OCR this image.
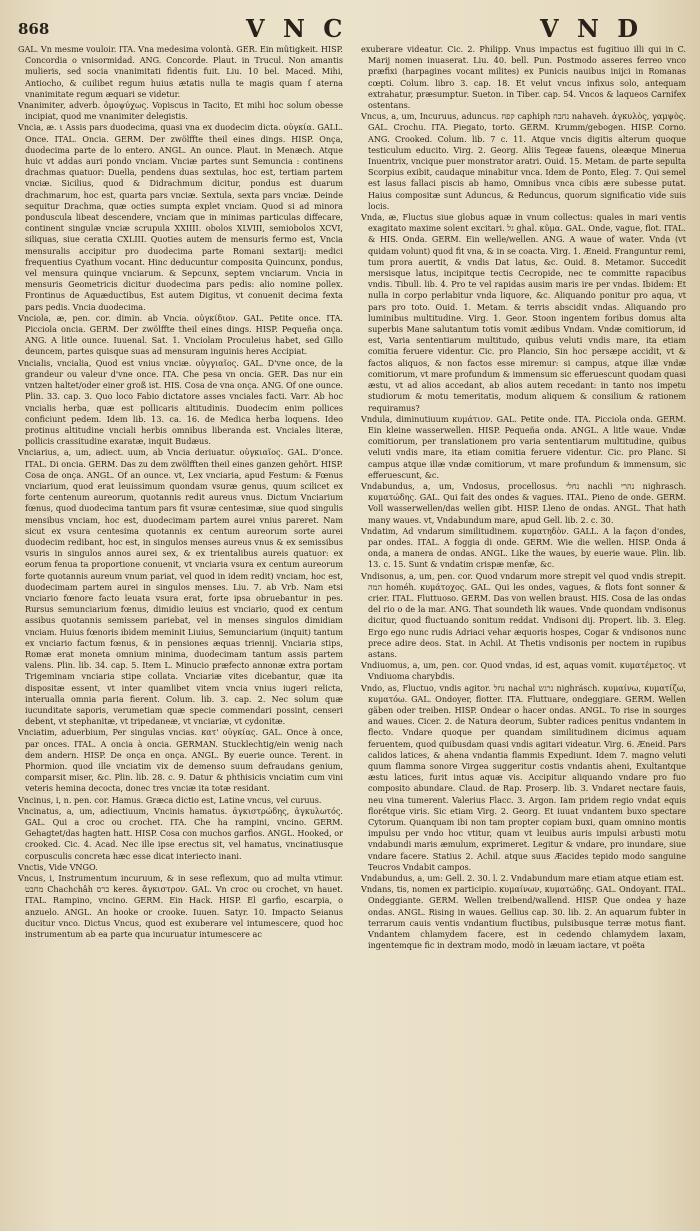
868	V N C	V N D

GAL. Vn mesme vouloir. ITA. Vna medesima volontà. GER. Ein mütigkeit. HISP. Concordia o vnisormidad. ANG. Concorde. Plaut. in Trucul. Non amantis mulieris, sed socia vnanimitati fidentis fuit. Liu. 10 bel. Maced. Mihi, Antiocho, & cuilibet regum huius ætatis nulla te magis quam ſ aterna vnanimitate regum æquari se videtur.

Vnanimiter, adverb. ὁμοψύχως. Vopiscus in Tacito, Et mihi hoc solum obesse incipiat, quod me vnanimiter delegistis.

Vncia, æ. ι Assis pars duodecima, quasi vna ex duodecim dicta. οὐγκία. GALL. Once. ITAL. Oncia. GERM. Der zwölffte theil eines dings. HISP. Onça, duodecima parte de lo entero. ANGL. An ounce. Plaut. in Menæch. Atque huic vt addas auri pondo vnciam. Vnciæ partes sunt Semuncia : continens drachmas quatuor: Duella, pendens duas sextulas, hoc est, tertiam partem vnciæ. Sicilius, quod & Didrachmum dicitur, pondus est duarum drachmarum, hoc est, quarta pars vnciæ. Sextula, sexta pars vnciæ. Deinde sequitur Drachma, quæ octies sumpta explet vnciam. Quod si ad minora ponduscula libeat descendere, vnciam que in minimas particulas diffecare, continent singulæ vnciæ scrupula XXIIII. obolos XLVIII, semiobolos XCVI, siliquas, siue ceratia CXLIII. Quoties autem de mensuris fermo est, Vncia mensuralis accipitur pro duodecima parte Romani sextarij: medici frequentius Cyathum vocant. Hinc deducuntur composita Quincunx, pondus, vel mensura quinque vnciarum. & Sepcunx, septem vnciarum. Vncia in mensuris Geometricis dicitur duodecima pars pedis: alio nomine pollex. Frontinus de Aquæductibus, Est autem Digitus, vt conuenit decima fexta pars pedis. Vncia duodecima.

Vnciola, æ, pen. cor. dimin. ab Vncia. οὐγκίδιον. GAL. Petite once. ITA. Picciola oncia. GERM. Der zwölffte theil eines dings. HISP. Pequeña onça. ANG. A litle ounce. Iuuenal. Sat. 1. Vnciolam Proculeius habet, sed Gillo deuncem, partes quisque suas ad mensuram inguinis heres Accipiat.

Vncialis, vncialia, Quod est vnius vnciæ. οὐγγιαῖος. GAL. D'vne once, de la grandeur ou valeur d'vne once. ITA. Che pesa vn oncia. GER. Das nur ein vntzen haltet/oder einer groß ist. HIS. Cosa de vna onça. ANG. Of one ounce. Plin. 33. cap. 3. Quo loco Fabio dictatore asses vnciales facti. Varr. Ab hoc vncialis herba, quæ est pollicaris altitudinis. Duodecim enim pollices conficiunt pedem. Idem lib. 13. ca. 16. de Medica herba loquens. Ideo protinus altitudine vnciali herbis omnibus liberanda est. Vnciales literæ, pollicis crassitudine exaratæ, inquit Budæus.

Vnciarius, a, um, adiect. uum, ab Vncia deriuatur. οὐγκιαῖος. GAL. D'once. ITAL. Di oncia. GERM. Das zu dem zwölfften theil eines ganzen gehört. HISP. Cosa de onça. ANGL. Of an ounce. vt, Lex vnciaria, apud Festum: & Fœnus vnciarium, quod erat leuissimum quondam vsuræ genus, quum scilicet ex forte centenum aureorum, quotannis redit aureus vnus. Dictum Vnciarium fœnus, quod duodecima tantum pars fit vsuræ centesimæ, siue quod singulis mensibus vnciam, hoc est, duodecimam partem aurei vnius pareret. Nam sicut ex vsura centesima quotannis ex centum aureorum sorte aurei duodecim redibant, hoc est, in singulos menses aureus vnus & ex semissibus vsuris in singulos annos aurei sex, & ex trientalibus aureis quatuor: ex eorum fenua ta proportione conuenit, vt vnciaria vsura ex centum aureorum forte quotannis aureum vnum pariat, vel quod in idem redit) vnciam, hoc est, duodecimam partem aurei in singulos menses. Liu. 7. ab Vrb. Nam etsi vnciario fœnore facto leuata vsura erat, forte ipsa obruebantur in pes. Rursus semunciarium fœnus, dimidio leuius est vnciario, quod ex centum assibus quotannis semissem pariebat, vel in menses singulos dimidiam vnciam. Huius fœnoris ibidem meminit Liuius, Semunciarium (inquit) tantum ex vnciario factum fœnus, & in pensiones æquas triennij. Vnciaria stips, Romæ erat moneta omnium minima, duodecimam tantum assis partem valens. Plin. lib. 34. cap. 5. Item L. Minucio præfecto annonæ extra portam Trigeminam vnciaria stipe collata. Vnciariæ vites dicebantur, quæ ita dispositæ essent, vt inter quamlibet vitem vncia vnius iugeri relicta, interualla omnia paria fierent. Colum. lib. 3. cap. 2. Nec solum quæ iucunditate saporis, verumetiam quæ specie commendari possint, censeri debent, vt stephanitæ, vt tripedaneæ, vt vnciariæ, vt cydonitæ.

Vnciatim, aduerbium, Per singulas vncias. κατ' οὐγκίας. GAL. Once à once, par onces. ITAL. A oncia à oncia. GERMAN. Stucklechtig/ein wenig nach dem andern. HISP. De onça en onça. ANGL. By euerie ounce. Terent. in Phormion. quod ille vnciatim vix de demenso suum defraudans genium, comparsit miser, &c. Plin. lib. 28. c. 9. Datur & phthisicis vnciatim cum vini veteris hemina decocta, donec tres vnciæ ita totæ residant.

Vncinus, i, n. pen. cor. Hamus. Græca dictio est, Latine vncus, vel curuus.

Vncinatus, a, um, adiectiuum, Vncinis hamatus. ἀγκιστρώδης, ἀγκυλωτός. GAL. Qui a croc ou crochet. ITA. Che ha rampini, vncino. GERM. Gehagtet/das hagten hatt. HISP. Cosa con muchos garfios. ANGL. Hooked, or crooked. Cic. 4. Acad. Nec ille ipse erectus sit, vel hamatus, vncinatiusque corpusculis concreta hæc esse dicat interiecto inani.

Vnctis, Vide VNGO.

Vncus, i, Instrumentum incuruum, & in sese reflexum, quo ad multa vtimur. מחבט Chachchâh כרס keres. ἄγκιστρον. GAL. Vn croc ou crochet, vn hauet. ITAL. Rampino, vncino. GERM. Ein Hack. HISP. El garfio, escarpia, o anzuelo. ANGL. An hooke or crooke. Iuuen. Satyr. 10. Impacto Seianus ducitur vnco. Dictus Vncus, quod est exuberare vel intumescere, quod hoc instrumentum ab ea parte qua incuruatur intumescere ac

exuberare videatur. Cic. 2. Philipp. Vnus impactus est fugitiuo illi qui in C. Marij nomen inuaserat. Liu. 40. bell. Pun. Postmodo asseres ferreo vnco præfixi (harpagines vocant milites) ex Punicis nauibus inijci in Romanas cœpti. Colum. libro 3. cap. 18. Et velut vncus infixus solo, antequam extrahatur, præsumptur. Sueton. in Tiber. cap. 54. Vncos & laqueos Carnifex ostentans.

Vncus, a, um, Incuruus, aduncus. קפח caphiph נחבח nahaveh. ἀγκυλὸς, γαμψὸς. GAL. Crochu. ITA. Piegato, torto. GERM. Krumm/gebogen. HISP. Corno. ANG. Crooked. Colum. lib. 7 c. 11. Atque vncis digitis alterum quoque testiculum educito. Virg. 2. Georg. Aliis Tegeæ fauens, oleæque Minerua Inuentrix, vncique puer monstrator aratri. Ouid. 15. Metam. de parte sepulta Scorpius exibit, caudaque minabitur vnca. Idem de Ponto, Eleg. 7. Qui semel est lasus fallaci piscis ab hamo, Omnibus vnca cibis ære subesse putat. Haius compositæ sunt Aduncus, & Reduncus, quorum significatio vide suis locis.

Vnda, æ, Fluctus siue globus aquæ in vnum collectus: quales in mari ventis exagitato maxime solent excitari. גל ghal. κῦμα. GAL. Onde, vague, flot. ITAL. & HIS. Onda. GERM. Ein welle/wellen. ANG. A waue of water. Vnda (vt quidam volunt) quod fit vna, & in se coacta. Virg. 1. Æneid. Franguntur remi, tum prora auertit, & vndis Dat latus, &c. Ouid. 8. Metamor. Succedit mersisque latus, incipitque tectis Cecropide, nec te committe rapacibus vndis. Tibull. lib. 4. Pro te vel rapidas ausim maris ire per vndas. Ibidem: Et nulla in corpo perlabitur vnda liquore, &c. Aliquando ponitur pro aqua, vt pars pro toto. Ouid. 1. Metam. & terris abscidit vndas. Aliquando pro luminibus multitudine. Virg. 1. Geor. Stoon ingentem foribus domus alta superbis Mane salutantum totis vomit ædibus Vndam. Vndæ comitiorum, id est, Varia sententiarum multitudo, quibus veluti vndis mare, ita etiam comitia feruere videntur. Cic. pro Plancio, Sin hoc persæpe accidit, vt & factos aliquos, & non factos esse miremur: si campus, atque illæ vndæ comitiorum, vt mare profundum & immensum sic efferuescunt quodam quasi æstu, vt ad alios accedant, ab alios autem recedant: in tanto nos impetu studiorum & motu temeritatis, modum aliquem & consilium & rationem requiramus?

Vndula, diminutiuum κυμάτιον. GAL. Petite onde. ITA. Picciola onda. GERM. Ein kleine wasserwellen. HISP. Pequeña onda. ANGL. A litle waue. Vndæ comitiorum, per translationem pro varia sententiarum multitudine, quibus veluti vndis mare, ita etiam comitia feruere videntur. Cic. pro Planc. Si campus atque illæ vndæ comitiorum, vt mare profundum & immensum, sic efferuescunt, &c.

Vndabundus, a, um, Vndosus, procellosus. נחלי nachli נהרי nighrasch. κυματώδης. GAL. Qui fait des ondes & vagues. ITAL. Pieno de onde. GERM. Voll wasserwellen/das wellen gibt. HISP. Lleno de ondas. ANGL. That hath many waues. vt, Vndabundum mare, apud Gell. lib. 2. c. 30.

Vndatim, Ad vndarum similitudinem. κυματηδὸν. GALL. A la façon d'ondes, par ondes. ITAL. A foggia di onde. GERM. Wie die wellen. HISP. Onda á onda, a manera de ondas. ANGL. Like the waues, by euerie waue. Plin. lib. 13. c. 15. Sunt & vndatim crispæ menfæ, &c.

Vndisonus, a, um, pen. cor. Quod vndarum more strepit vel quod vndis strepit. המה homéh. κυμάτοχος. GAL. Qui les ondes, vagues, & flots font sonner & crier. ITAL. Fluttuoso. GERM. Das von wellen braust. HIS. Cosa de las ondas del rio o de la mar. ANG. That soundeth lik waues. Vnde quondam vndisonus dicitur, quod fluctuando sonitum reddat. Vndisoni dij. Propert. lib. 3. Eleg. Ergo ego nunc rudis Adriaci vehar æquoris hospes, Cogar & vndisonos nunc prece adire deos. Stat. in Achil. At Thetis vndisonis per noctem in rupibus astans.

Vndiuomus, a, um, pen. cor. Quod vndas, id est, aquas vomit. κυματέμετος. vt Vndiuoma charybdis.

Vndo, as, Fluctuo, vndis agitor. נחל nachal נרגש nighrásch. κυμαίνω, κυματίζω, κυματόω. GAL. Ondoyer, flotter. ITA. Fluttuare, ondeggiare. GERM. Wellen gäben oder treiben. HISP. Ondear o hacer ondas. ANGL. To rise in sourges and waues. Cicer. 2. de Natura deorum, Subter radices penitus vndantem in flecto. Vndare quoque per quandam similitudinem dicimus aquam feruentem, quod quibusdam quasi vndis agitari videatur. Virg. 6. Æneid. Pars calidos latices, & ahena vndantia flammis Expediunt. Idem 7. magno veluti quum flamma sonore Virgea suggeritur costis vndantis aheni, Exultantque æstu latices, furit intus aquæ vis. Accipitur aliquando vndare pro fuo composito abundare. Claud. de Rap. Proserp. lib. 3. Vndaret nectare fauis, neu vina tumerent. Valerius Flacc. 3. Argon. Iam pridem regio vndat equis florétque viris. Sic etiam Virg. 2. Georg. Et iuuat vndantem buxo spectare Cytorum. Quanquam ibi non tam propter copiam buxi, quam omnino montis impulsu per vndo hoc vtitur, quam vt leuibus auris impulsi arbusti motu vndabundi maris æmulum, exprimeret. Legitur & vndare, pro inundare, siue vndare facere. Statius 2. Achil. atque suus Æacides tepido modo sanguine Teucros Vndabit campos.

Vndabundus, a, um: Gell. 2. 30. l. 2. Vndabundum mare etiam atque etiam est.

Vndans, tis, nomen ex participio. κυμαίνων, κυματώδης. GAL. Ondoyant. ITAL. Ondeggiante. GERM. Wellen treibend/wallend. HISP. Que ondea y haze ondas. ANGL. Rising in waues. Gellius cap. 30. lib. 2. An aquarum fubter in terrarum cauis ventis vndantium fluctibus, pulsibusque terræ motus fiant. Vndantem chlamydem facere, est in cedendo chlamydem laxam, ingentemque fic in dextram modo, modò in læuam iactare, vt poëta
